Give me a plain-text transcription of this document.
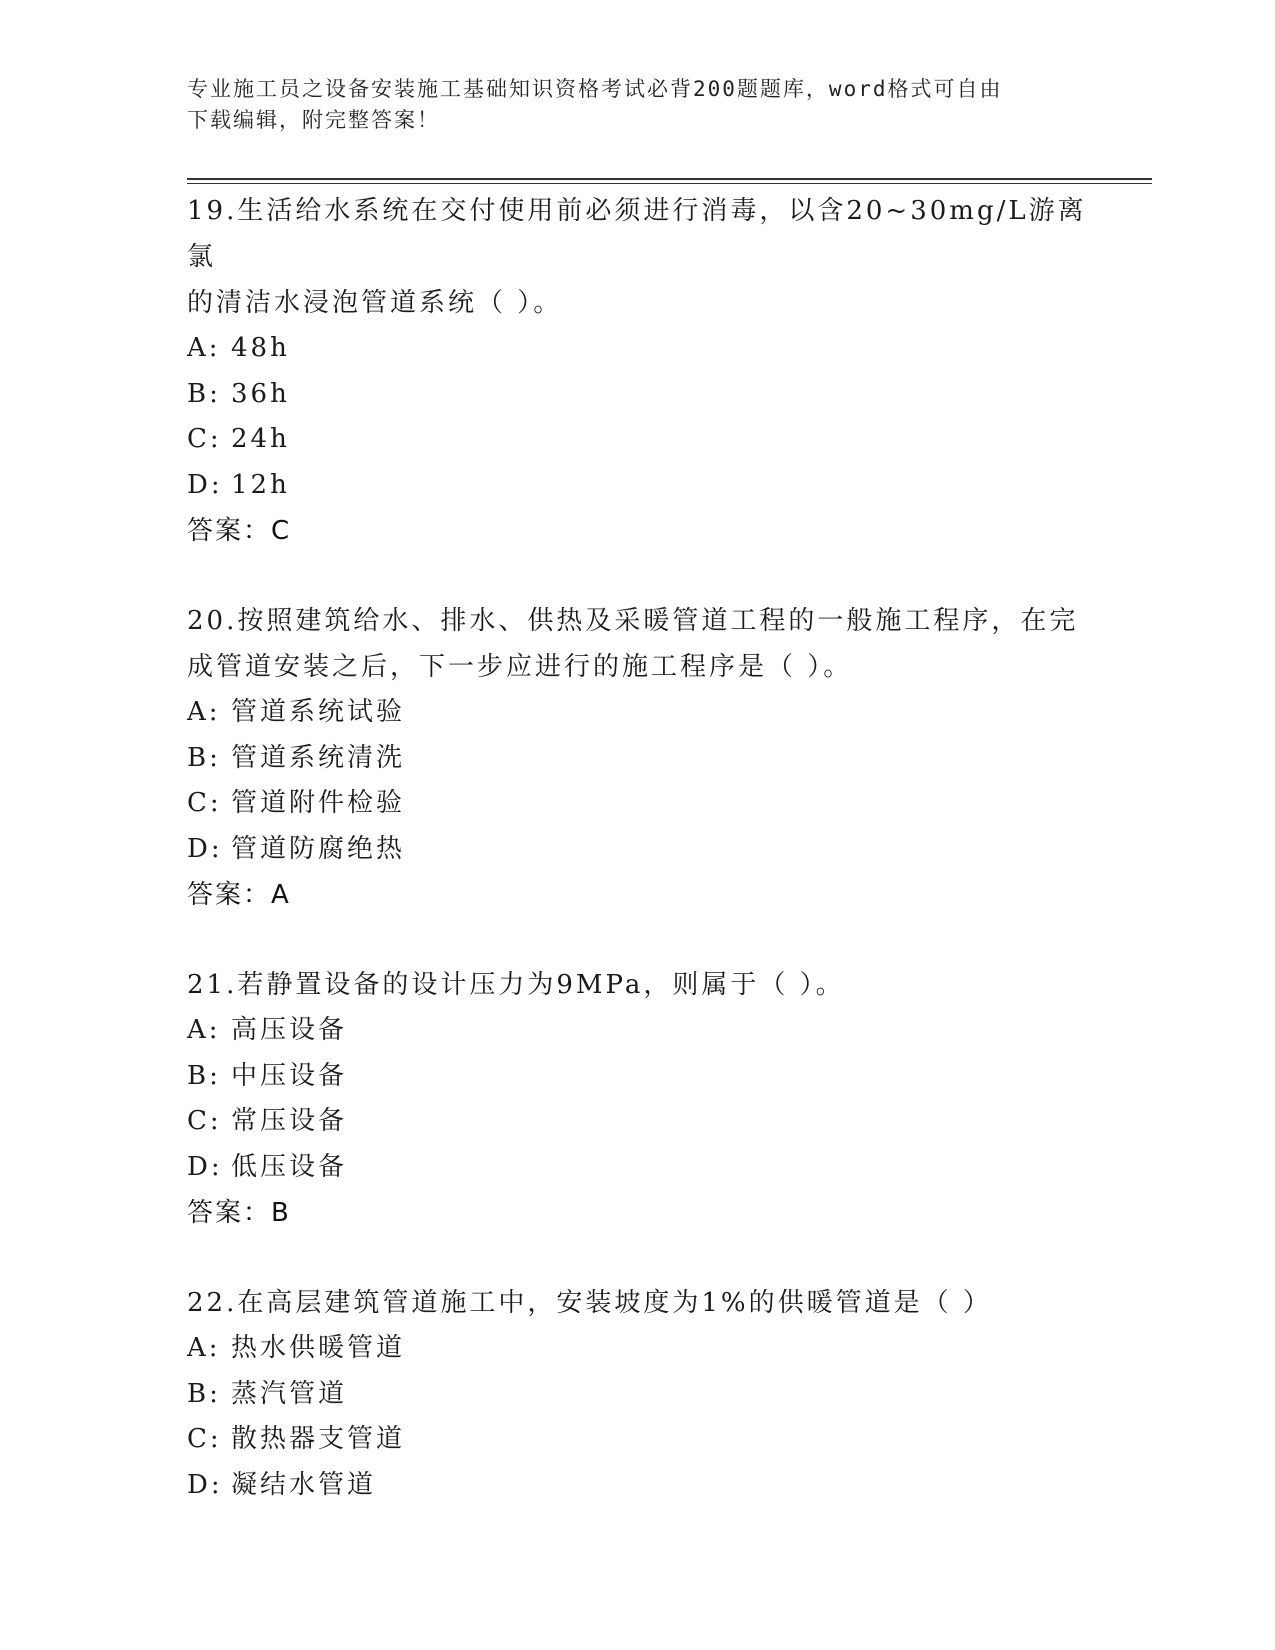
专业施工员之设备安装施工基础知识资格考试必背200题题库，word格式可自由
下载编辑，附完整答案！

19.生活给水系统在交付使用前必须进行消毒，以含20~30mg/L游离氯
的清洁水浸泡管道系统（ ）。

A: 48h
B: 36h
C: 24h
D: 12h

答案：C

20.按照建筑给水、排水、供热及采暖管道工程的一般施工程序，在完
成管道安装之后，下一步应进行的施工程序是（ ）。

A: 管道系统试验
B: 管道系统清洗
C: 管道附件检验
D: 管道防腐绝热

答案：A

21.若静置设备的设计压力为9MPa，则属于（ ）。

A: 高压设备
B: 中压设备
C: 常压设备
D: 低压设备

答案：B

22.在高层建筑管道施工中，安装坡度为1%的供暖管道是（ ）

A: 热水供暖管道
B: 蒸汽管道
C: 散热器支管道
D: 凝结水管道
